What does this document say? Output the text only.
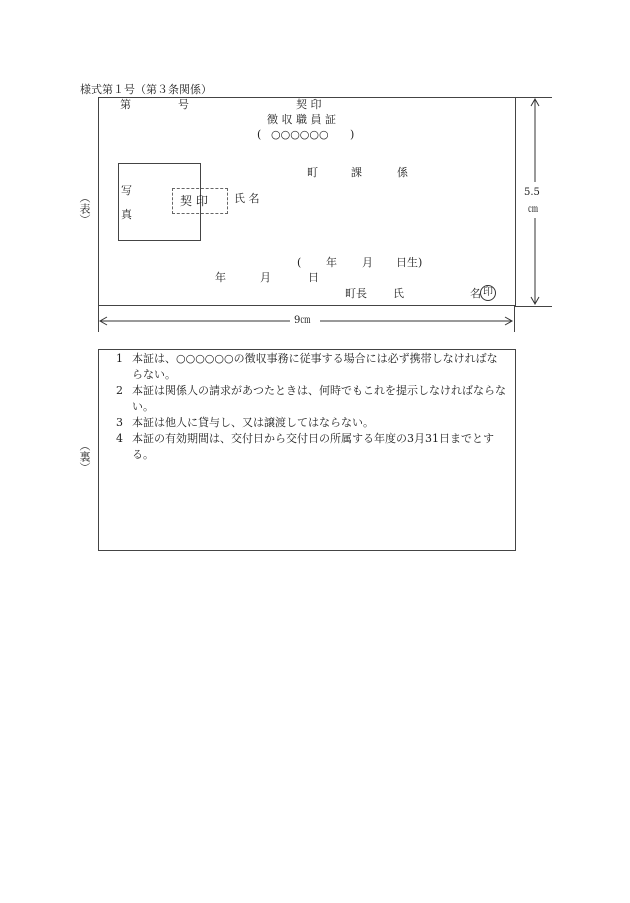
様式第１号（第３条関係）
（表）
第	号	契 印
徴 収 職 員 証
( ○○○○○○ )
町	課	係
写
真
契 印 氏 名
( 年 月 日生)
年	月	日
町長 氏	名 印
5.5
㎝
9㎝
（裏）
1 本証は、○○○○○○の徴収事務に従事する場合には必ず携帯しなければならない。
2 本証は関係人の請求があつたときは、何時でもこれを提示しなければならない。
3 本証は他人に貸与し、又は譲渡してはならない。
4 本証の有効期間は、交付日から交付日の所属する年度の3月31日までとする。
